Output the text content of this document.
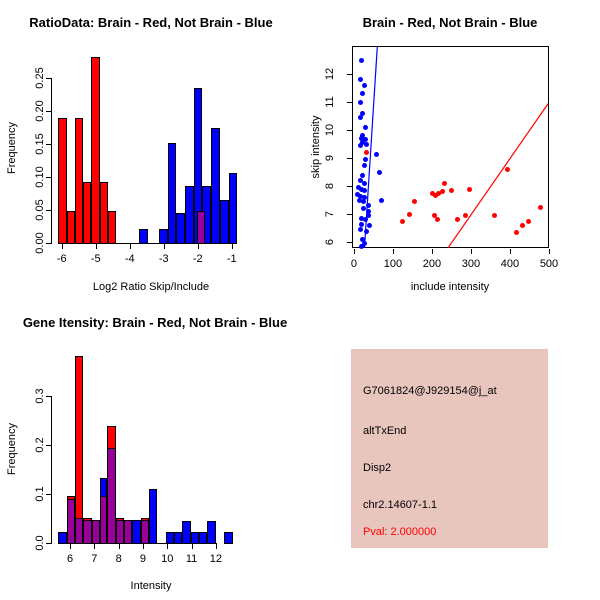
RatioData: Brain - Red, Not Brain - Blue	Brain - Red, Not Brain - Blue
Gene Itensity: Brain - Red, Not Brain - Blue
Log2 Ratio Skip/Include
Frequency
include intensity
skip intensity
Intensity
Frequency
G7061824@J929154@j_at
altTxEnd
Disp2
chr2.14607-1.1
Pval: 2.000000
0.00
0.05
0.10
0.15
0.20
0.25
-6	-5	-4	-3	-2	-1	0	100	200	300	400	500
6
7
8
9
10
11
12
0.0
0.1
0.2
0.3
6	7	8	9	10	11	12
